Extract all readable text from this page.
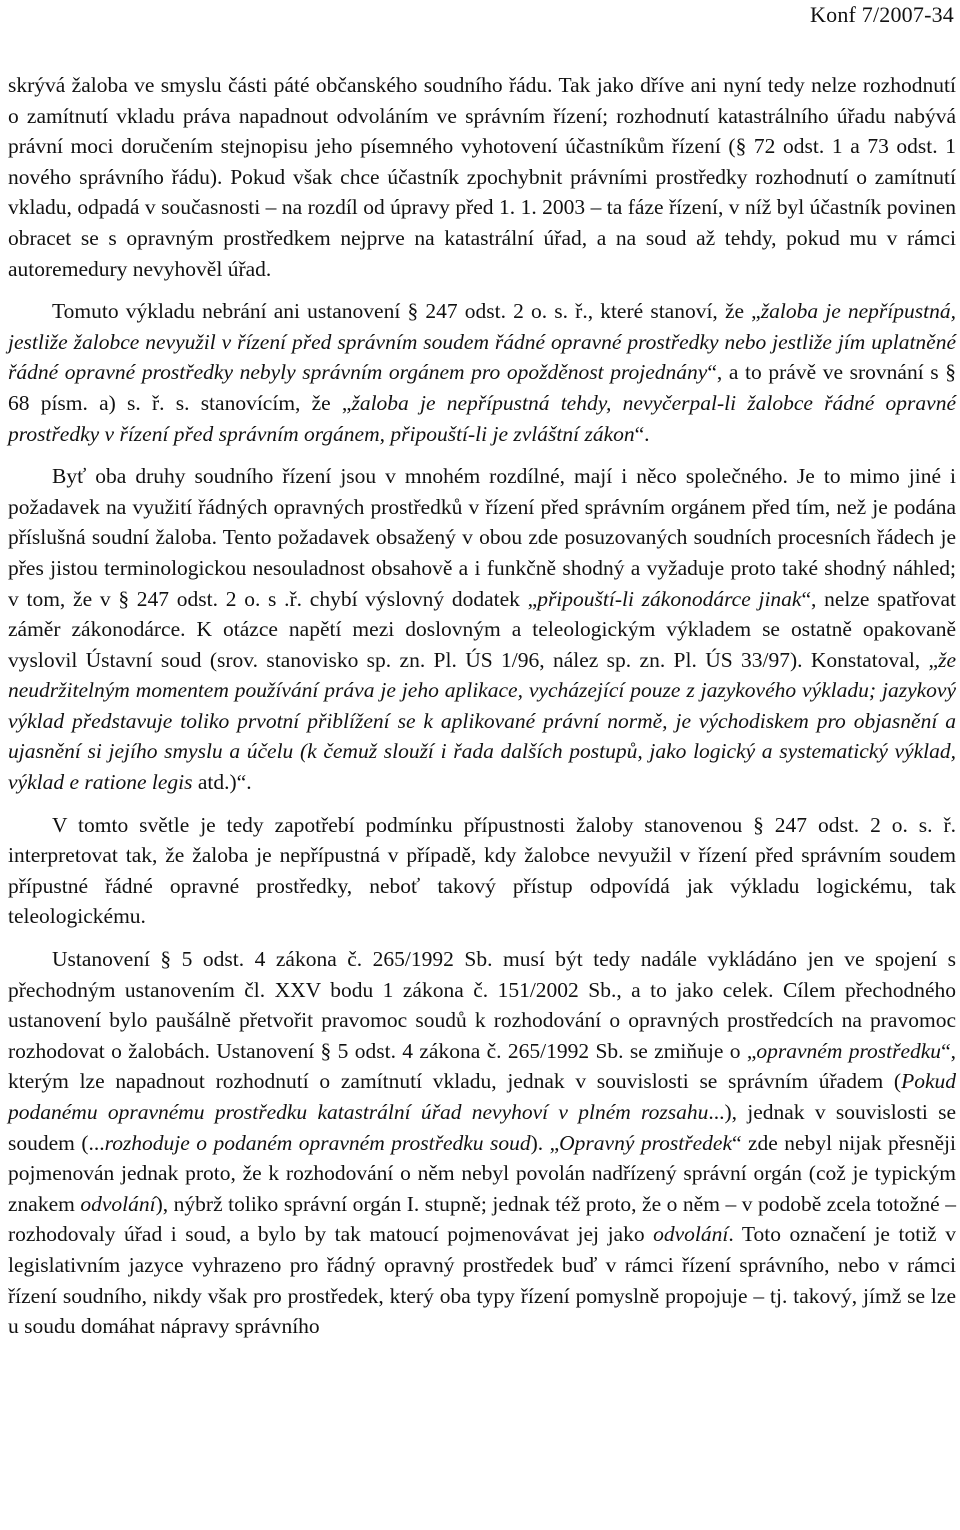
Konf 7/2007-34

skrývá žaloba ve smyslu části páté občanského soudního řádu. Tak jako dříve ani nyní tedy nelze rozhodnutí o zamítnutí vkladu práva napadnout odvoláním ve správním řízení; rozhodnutí katastrálního úřadu nabývá právní moci doručením stejnopisu jeho písemného vyhotovení účastníkům řízení (§ 72 odst. 1 a 73 odst. 1 nového správního řádu). Pokud však chce účastník zpochybnit právními prostředky rozhodnutí o zamítnutí vkladu, odpadá v současnosti – na rozdíl od úpravy před 1. 1. 2003 – ta fáze řízení, v níž byl účastník povinen obracet se s opravným prostředkem nejprve na katastrální úřad, a na soud až tehdy, pokud mu v rámci autoremedury nevyhověl úřad.

Tomuto výkladu nebrání ani ustanovení § 247 odst. 2 o. s. ř., které stanoví, že „žaloba je nepřípustná, jestliže žalobce nevyužil v řízení před správním soudem řádné opravné prostředky nebo jestliže jím uplatněné řádné opravné prostředky nebyly správním orgánem pro opožděnost projednány“, a to právě ve srovnání s § 68 písm. a) s. ř. s. stanovícím, že „žaloba je nepřípustná tehdy, nevyčerpal-li žalobce řádné opravné prostředky v řízení před správním orgánem, připouští-li je zvláštní zákon“.

Byť oba druhy soudního řízení jsou v mnohém rozdílné, mají i něco společného. Je to mimo jiné i požadavek na využití řádných opravných prostředků v řízení před správním orgánem před tím, než je podána příslušná soudní žaloba. Tento požadavek obsažený v obou zde posuzovaných soudních procesních řádech je přes jistou terminologickou nesouladnost obsahově a i funkčně shodný a vyžaduje proto také shodný náhled; v tom, že v § 247 odst. 2 o. s .ř. chybí výslovný dodatek „připouští-li zákonodárce jinak“, nelze spatřovat záměr zákonodárce. K otázce napětí mezi doslovným a teleologickým výkladem se ostatně opakovaně vyslovil Ústavní soud (srov. stanovisko sp. zn. Pl. ÚS 1/96, nález sp. zn. Pl. ÚS 33/97). Konstatoval, „že neudržitelným momentem používání práva je jeho aplikace, vycházející pouze z jazykového výkladu; jazykový výklad představuje toliko prvotní přiblížení se k aplikované právní normě, je východiskem pro objasnění a ujasnění si jejího smyslu a účelu (k čemuž slouží i řada dalších postupů, jako logický a systematický výklad, výklad e ratione legis atd.)“.

V tomto světle je tedy zapotřebí podmínku přípustnosti žaloby stanovenou § 247 odst. 2 o. s. ř. interpretovat tak, že žaloba je nepřípustná v případě, kdy žalobce nevyužil v řízení před správním soudem přípustné řádné opravné prostředky, neboť takový přístup odpovídá jak výkladu logickému, tak teleologickému.

Ustanovení § 5 odst. 4 zákona č. 265/1992 Sb. musí být tedy nadále vykládáno jen ve spojení s přechodným ustanovením čl. XXV bodu 1 zákona č. 151/2002 Sb., a to jako celek. Cílem přechodného ustanovení bylo paušálně přetvořit pravomoc soudů k rozhodování o opravných prostředcích na pravomoc rozhodovat o žalobách. Ustanovení § 5 odst. 4 zákona č. 265/1992 Sb. se zmiňuje o „opravném prostředku“, kterým lze napadnout rozhodnutí o zamítnutí vkladu, jednak v souvislosti se správním úřadem (Pokud podanému opravnému prostředku katastrální úřad nevyhoví v plném rozsahu...), jednak v souvislosti se soudem (...rozhoduje o podaném opravném prostředku soud). „Opravný prostředek“ zde nebyl nijak přesněji pojmenován jednak proto, že k rozhodování o něm nebyl povolán nadřízený správní orgán (což je typickým znakem odvolání), nýbrž toliko správní orgán I. stupně; jednak též proto, že o něm – v podobě zcela totožné – rozhodovaly úřad i soud, a bylo by tak matoucí pojmenovávat jej jako odvolání. Toto označení je totiž v legislativním jazyce vyhrazeno pro řádný opravný prostředek buď v rámci řízení správního, nebo v rámci řízení soudního, nikdy však pro prostředek, který oba typy řízení pomyslně propojuje – tj. takový, jímž se lze u soudu domáhat nápravy správního
